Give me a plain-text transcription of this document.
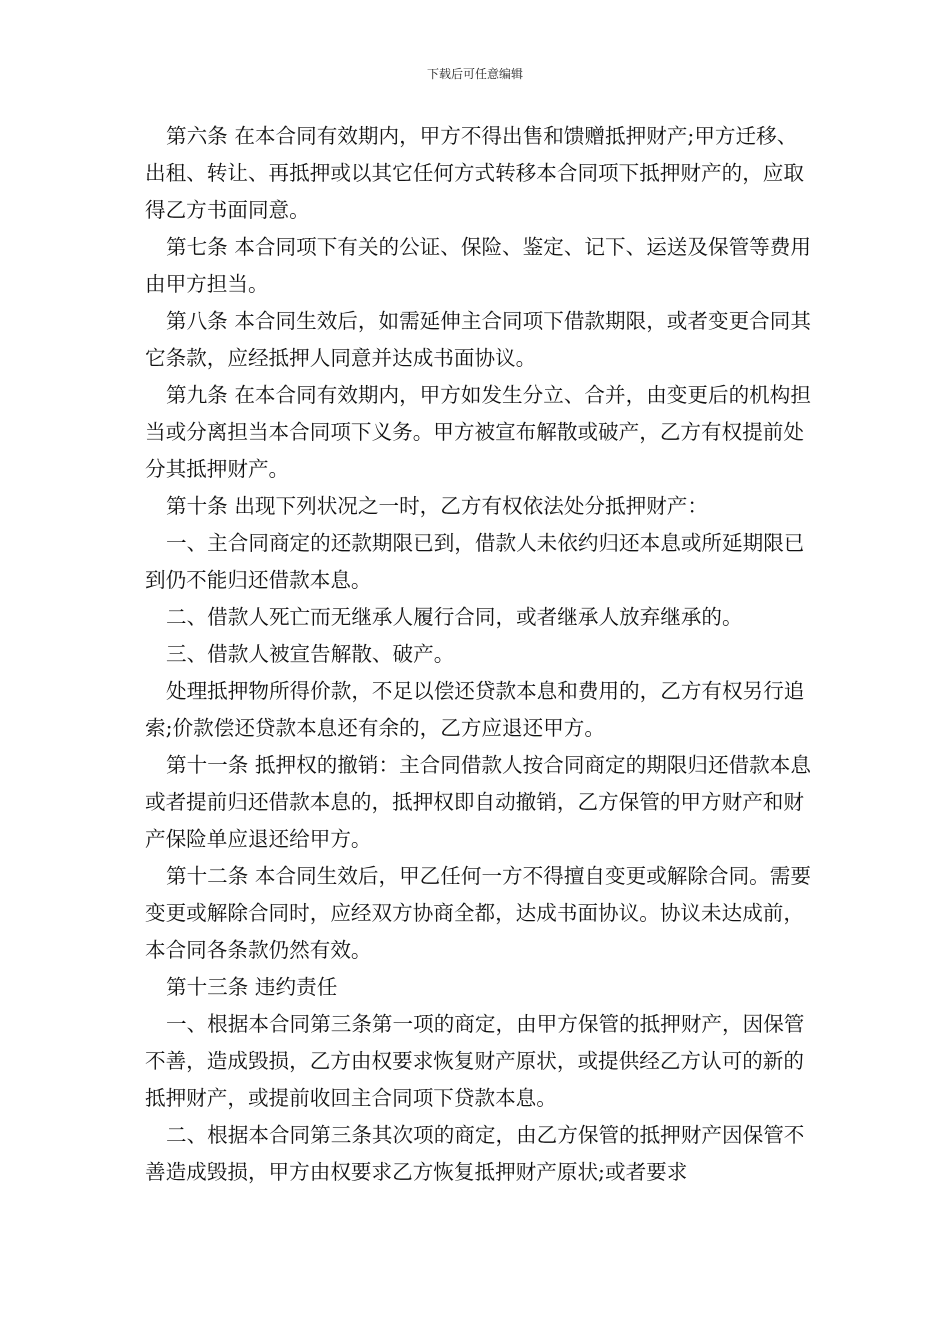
下载后可任意编辑

第六条 在本合同有效期内，甲方不得出售和馈赠抵押财产;甲方迁移、出租、转让、再抵押或以其它任何方式转移本合同项下抵押财产的，应取得乙方书面同意。

第七条 本合同项下有关的公证、保险、鉴定、记下、运送及保管等费用由甲方担当。

第八条 本合同生效后，如需延伸主合同项下借款期限，或者变更合同其它条款，应经抵押人同意并达成书面协议。

第九条 在本合同有效期内，甲方如发生分立、合并，由变更后的机构担当或分离担当本合同项下义务。甲方被宣布解散或破产，乙方有权提前处分其抵押财产。

第十条 出现下列状况之一时，乙方有权依法处分抵押财产：

一、主合同商定的还款期限已到，借款人未依约归还本息或所延期限已到仍不能归还借款本息。

二、借款人死亡而无继承人履行合同，或者继承人放弃继承的。

三、借款人被宣告解散、破产。

处理抵押物所得价款，不足以偿还贷款本息和费用的，乙方有权另行追索;价款偿还贷款本息还有余的，乙方应退还甲方。

第十一条 抵押权的撤销：主合同借款人按合同商定的期限归还借款本息或者提前归还借款本息的，抵押权即自动撤销，乙方保管的甲方财产和财产保险单应退还给甲方。

第十二条 本合同生效后，甲乙任何一方不得擅自变更或解除合同。需要变更或解除合同时，应经双方协商全都，达成书面协议。协议未达成前，本合同各条款仍然有效。

第十三条 违约责任

一、根据本合同第三条第一项的商定，由甲方保管的抵押财产，因保管不善，造成毁损，乙方由权要求恢复财产原状，或提供经乙方认可的新的抵押财产，或提前收回主合同项下贷款本息。

二、根据本合同第三条其次项的商定，由乙方保管的抵押财产因保管不善造成毁损，甲方由权要求乙方恢复抵押财产原状;或者要求
